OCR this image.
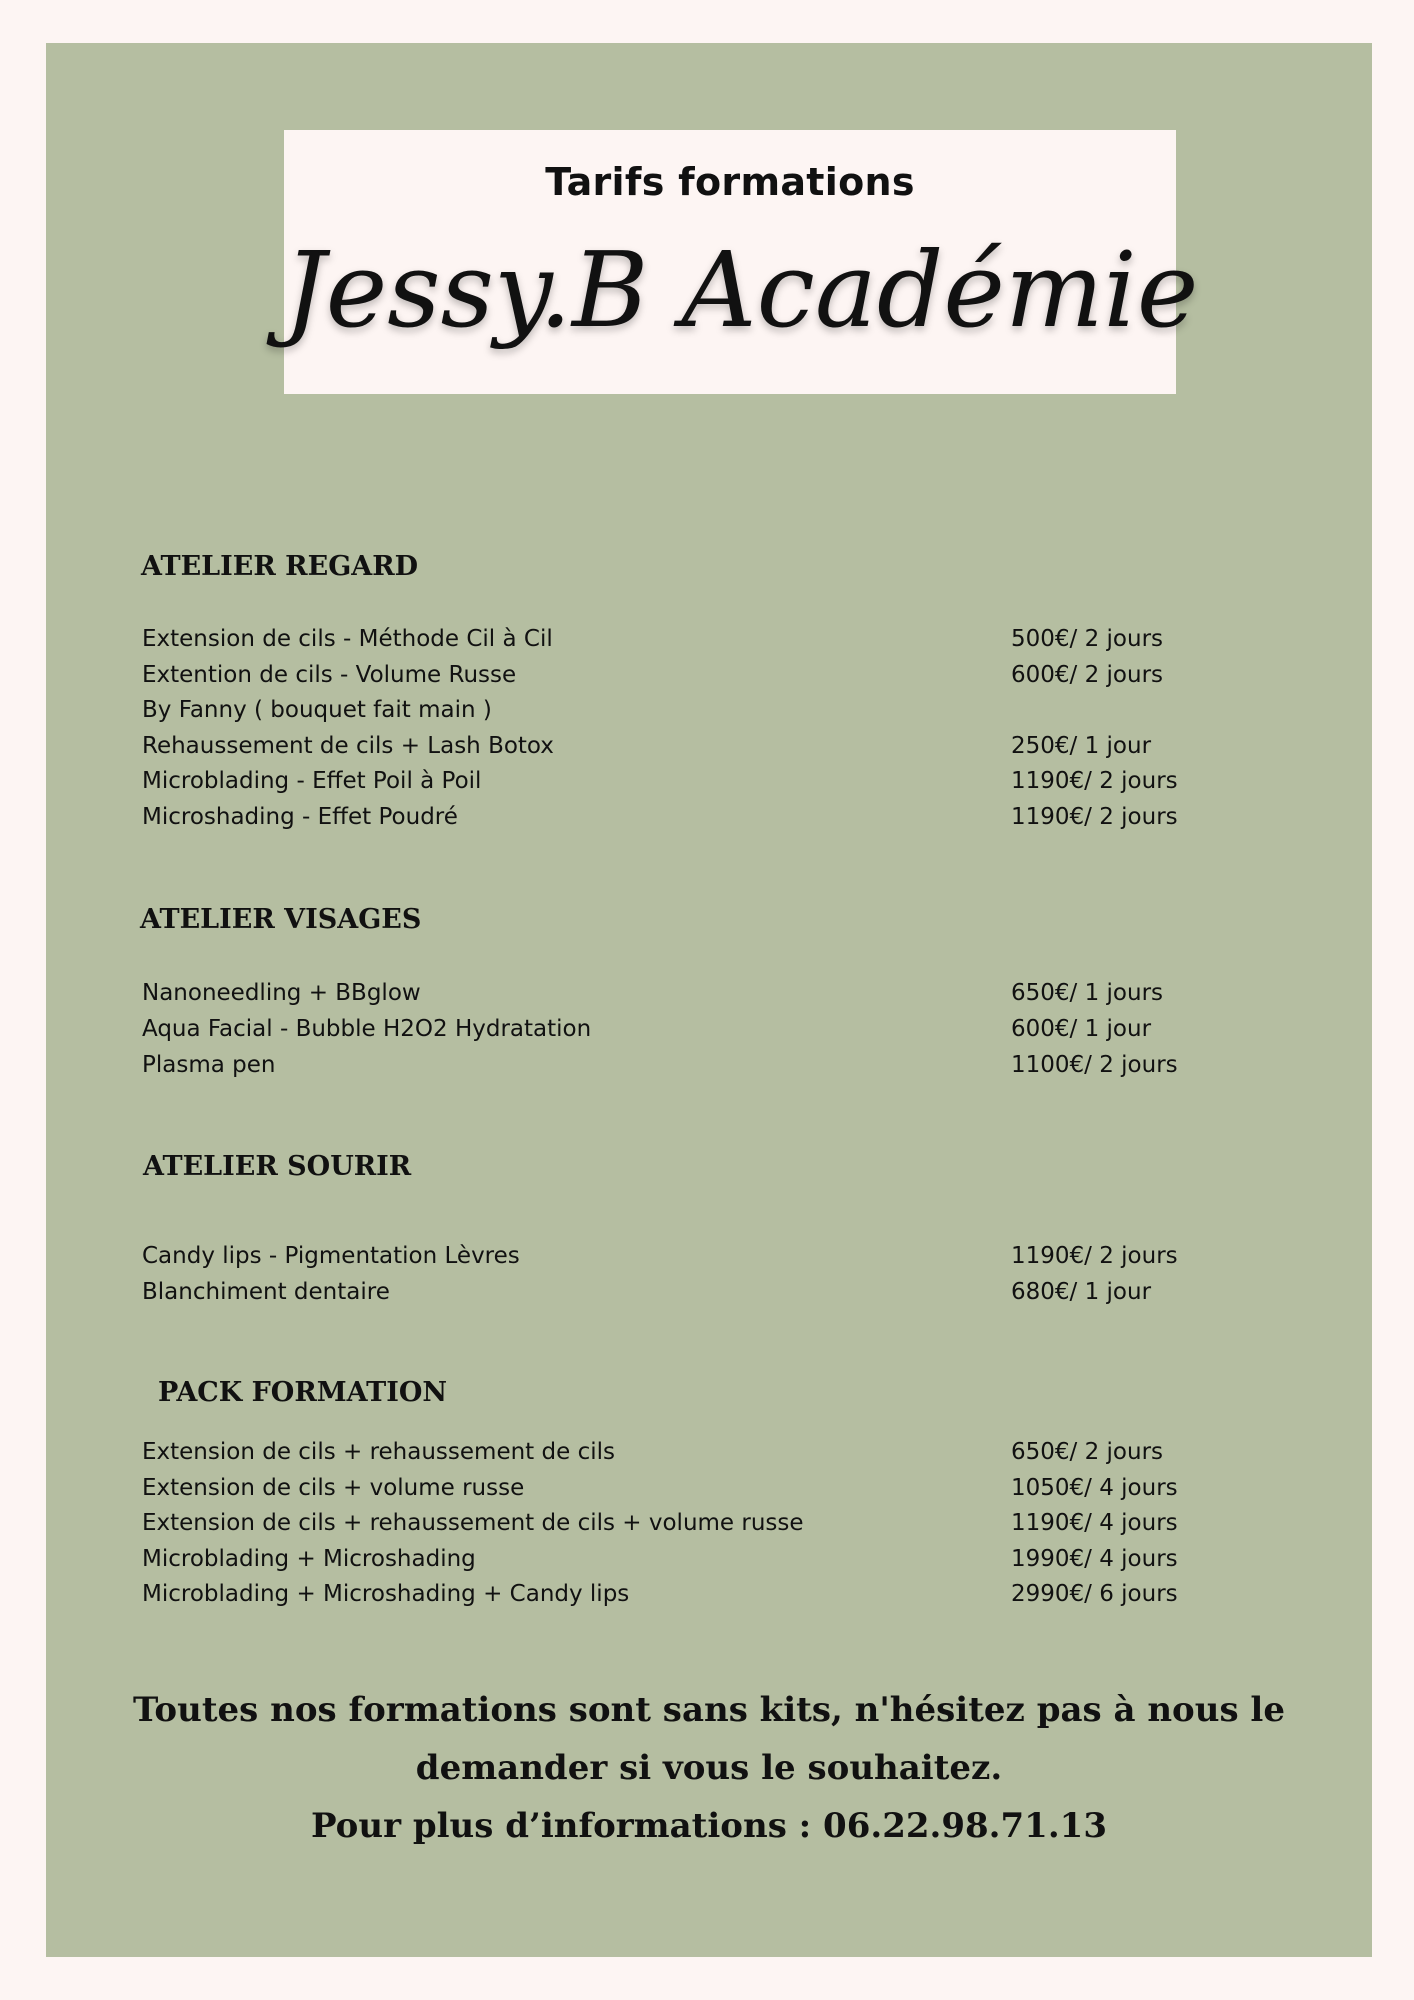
Tarifs formations
Jessy.B Académie
ATELIER REGARD
Extension de cils - Méthode Cil à Cil	500€/ 2 jours
Extention de cils - Volume Russe	600€/ 2 jours
By Fanny ( bouquet fait main )
Rehaussement de cils + Lash Botox	250€/ 1 jour
Microblading - Effet Poil à Poil	1190€/ 2 jours
Microshading - Effet Poudré	1190€/ 2 jours
ATELIER VISAGES
Nanoneedling + BBglow	650€/ 1 jours
Aqua Facial - Bubble H2O2 Hydratation	600€/ 1 jour
Plasma pen	1100€/ 2 jours
ATELIER SOURIR
Candy lips - Pigmentation Lèvres	1190€/ 2 jours
Blanchiment dentaire	680€/ 1 jour
PACK FORMATION
Extension de cils + rehaussement de cils	650€/ 2 jours
Extension de cils + volume russe	1050€/ 4 jours
Extension de cils + rehaussement de cils + volume russe	1190€/ 4 jours
Microblading + Microshading	1990€/ 4 jours
Microblading + Microshading + Candy lips	2990€/ 6 jours
Toutes nos formations sont sans kits, n'hésitez pas à nous le
demander si vous le souhaitez.
Pour plus d’informations : 06.22.98.71.13
